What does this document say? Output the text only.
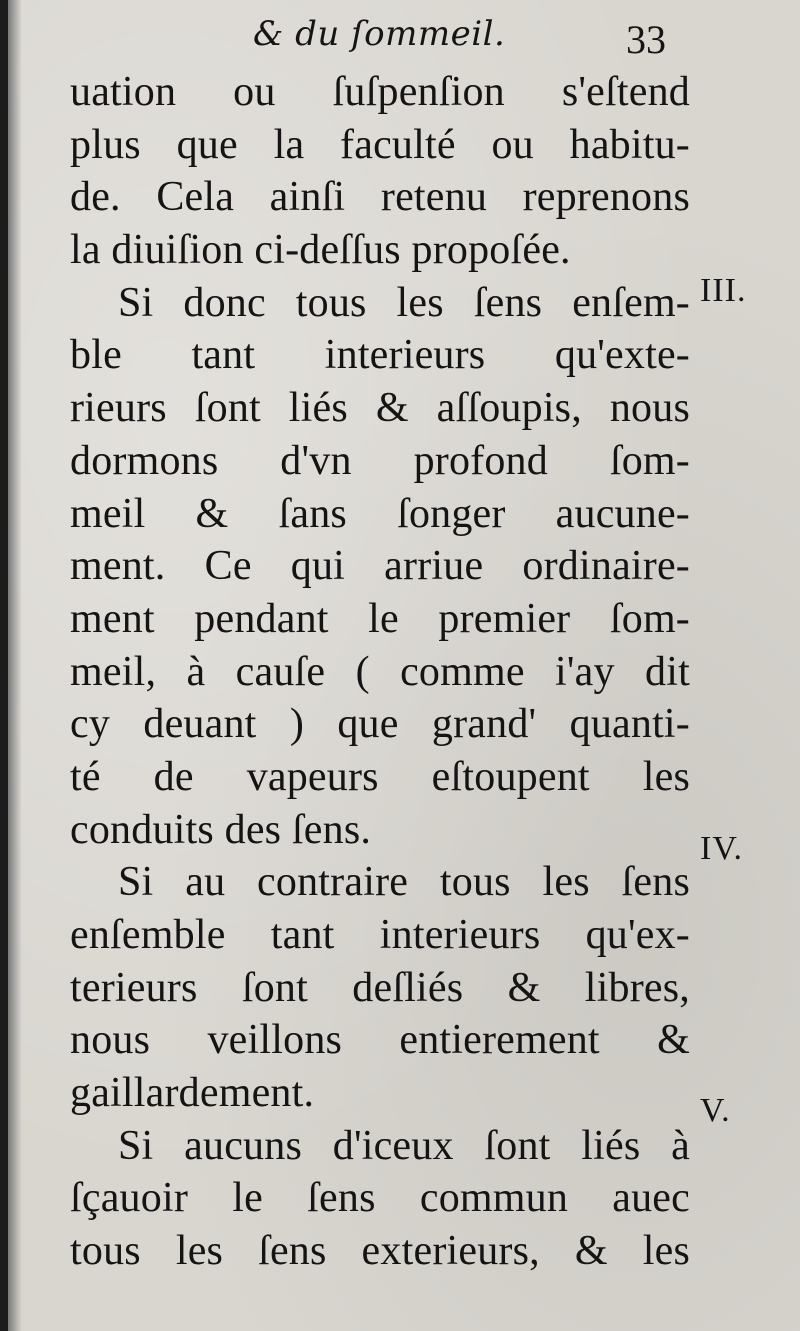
& du ſommeil.	33
uation ou ſuſpenſion s'eſtend
plus que la faculté ou habitu-
de. Cela ainſi retenu reprenons
la diuiſion ci-deſſus propoſée.
Si donc tous les ſens enſem-
ble tant interieurs qu'exte-
rieurs ſont liés & aſſoupis, nous
dormons d'vn profond ſom-
meil & ſans ſonger aucune-
ment. Ce qui arriue ordinaire-
ment pendant le premier ſom-
meil, à cauſe ( comme i'ay dit
cy deuant ) que grand' quanti-
té de vapeurs eſtoupent les
conduits des ſens.
Si au contraire tous les ſens
enſemble tant interieurs qu'ex-
terieurs ſont deſliés & libres,
nous veillons entierement &
gaillardement.
Si aucuns d'iceux ſont liés à
ſçauoir le ſens commun auec
tous les ſens exterieurs, & les
III.
IV.
V.
